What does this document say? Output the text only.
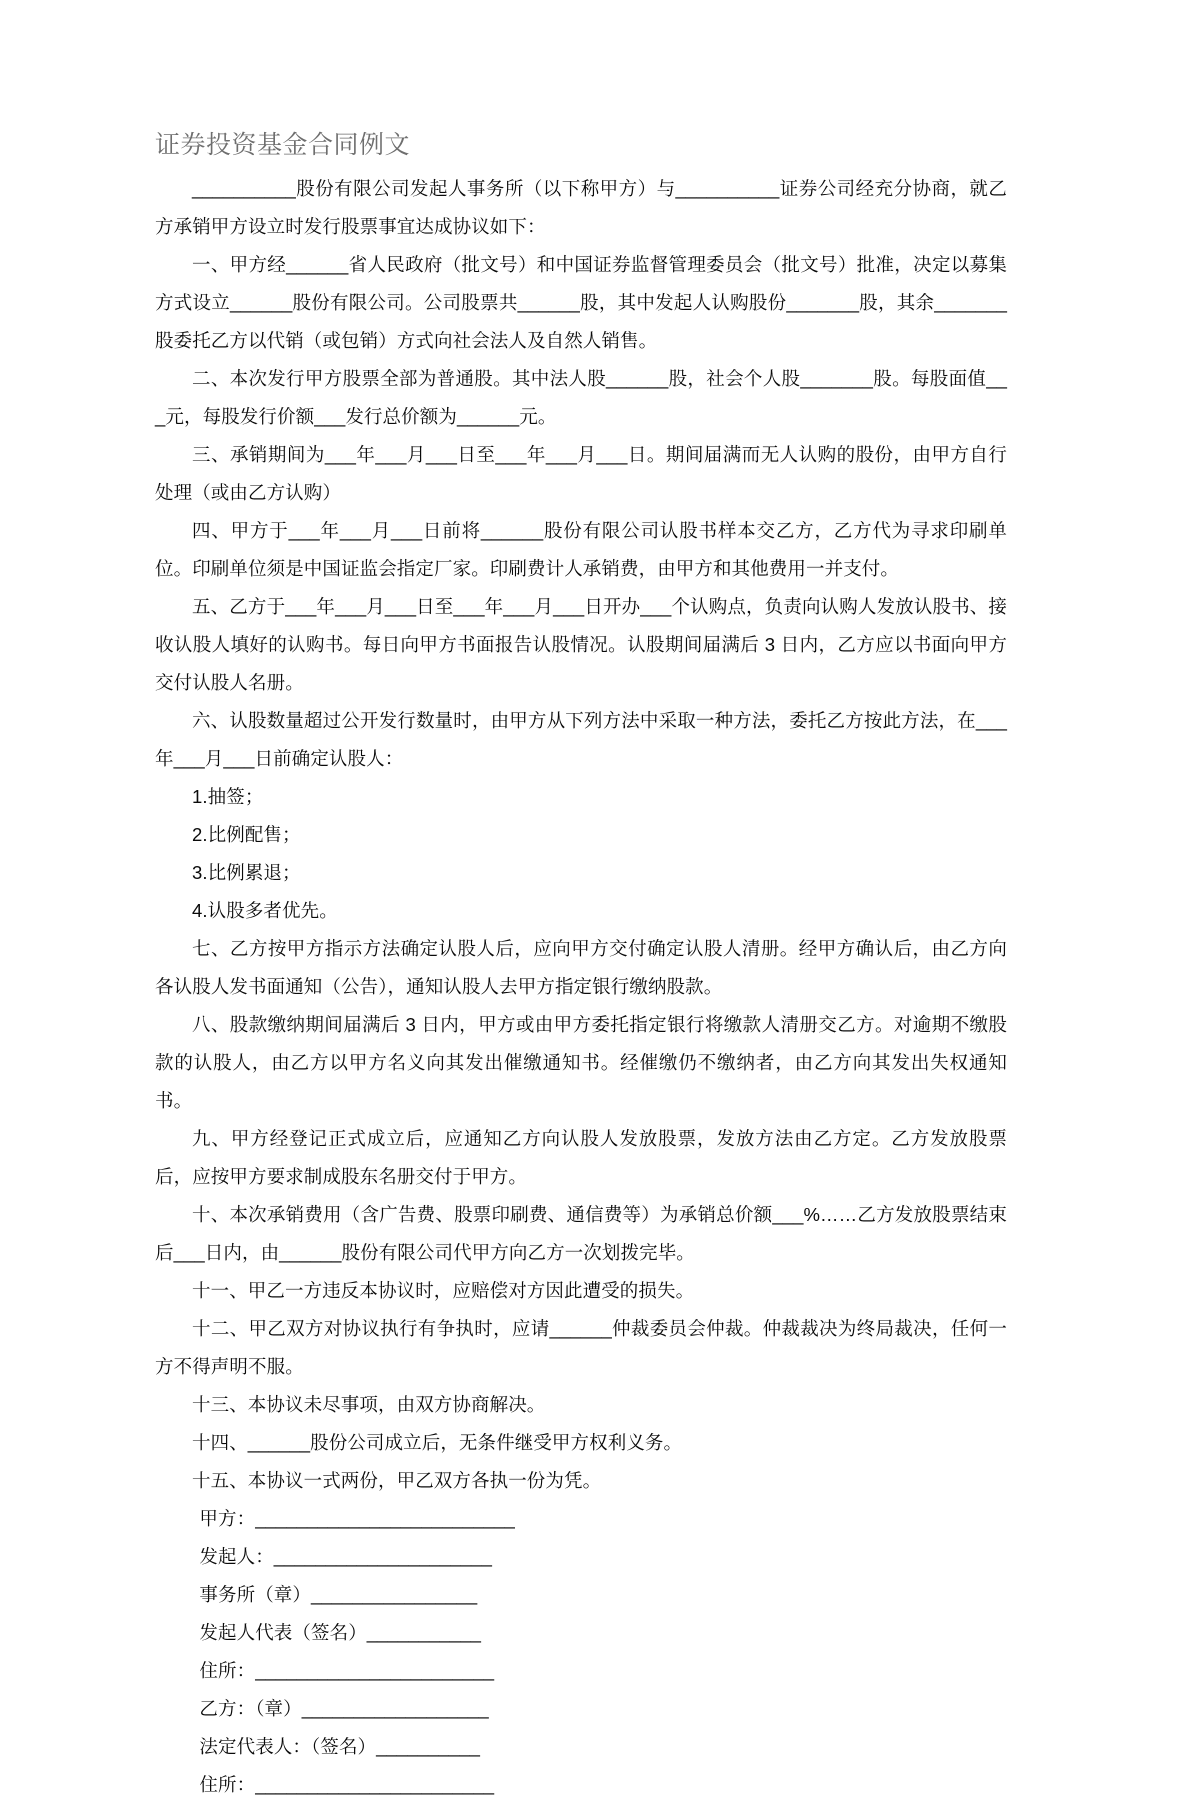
证券投资基金合同例文

__________股份有限公司发起人事务所（以下称甲方）与__________证券公司经充分协商，就乙方承销甲方设立时发行股票事宜达成协议如下：

一、甲方经______省人民政府（批文号）和中国证券监督管理委员会（批文号）批准，决定以募集方式设立______股份有限公司。公司股票共______股，其中发起人认购股份_______股，其余_______股委托乙方以代销（或包销）方式向社会法人及自然人销售。

二、本次发行甲方股票全部为普通股。其中法人股______股，社会个人股_______股。每股面值___元，每股发行价额___发行总价额为______元。

三、承销期间为___年___月___日至___年___月___日。期间届满而无人认购的股份，由甲方自行处理（或由乙方认购）

四、甲方于___年___月___日前将______股份有限公司认股书样本交乙方，乙方代为寻求印刷单位。印刷单位须是中国证监会指定厂家。印刷费计人承销费，由甲方和其他费用一并支付。

五、乙方于___年___月___日至___年___月___日开办___个认购点，负责向认购人发放认股书、接收认股人填好的认购书。每日向甲方书面报告认股情况。认股期间届满后 3 日内，乙方应以书面向甲方交付认股人名册。

六、认股数量超过公开发行数量时，由甲方从下列方法中采取一种方法，委托乙方按此方法，在___年___月___日前确定认股人：

1.抽签；

2.比例配售；

3.比例累退；

4.认股多者优先。

七、乙方按甲方指示方法确定认股人后，应向甲方交付确定认股人清册。经甲方确认后，由乙方向各认股人发书面通知（公告），通知认股人去甲方指定银行缴纳股款。

八、股款缴纳期间届满后 3 日内，甲方或由甲方委托指定银行将缴款人清册交乙方。对逾期不缴股款的认股人，由乙方以甲方名义向其发出催缴通知书。经催缴仍不缴纳者，由乙方向其发出失权通知书。

九、甲方经登记正式成立后，应通知乙方向认股人发放股票，发放方法由乙方定。乙方发放股票后，应按甲方要求制成股东名册交付于甲方。

十、本次承销费用（含广告费、股票印刷费、通信费等）为承销总价额___%……乙方发放股票结束后___日内，由______股份有限公司代甲方向乙方一次划拨完毕。

十一、甲乙一方违反本协议时，应赔偿对方因此遭受的损失。

十二、甲乙双方对协议执行有争执时，应请______仲裁委员会仲裁。仲裁裁决为终局裁决，任何一方不得声明不服。

十三、本协议未尽事项，由双方协商解决。

十四、______股份公司成立后，无条件继受甲方权利义务。

十五、本协议一式两份，甲乙双方各执一份为凭。

甲方：_________________________

发起人：_____________________

事务所（章）________________

发起人代表（签名）___________

住所：_______________________

乙方：（章）__________________

法定代表人：（签名）__________

住所：_______________________
